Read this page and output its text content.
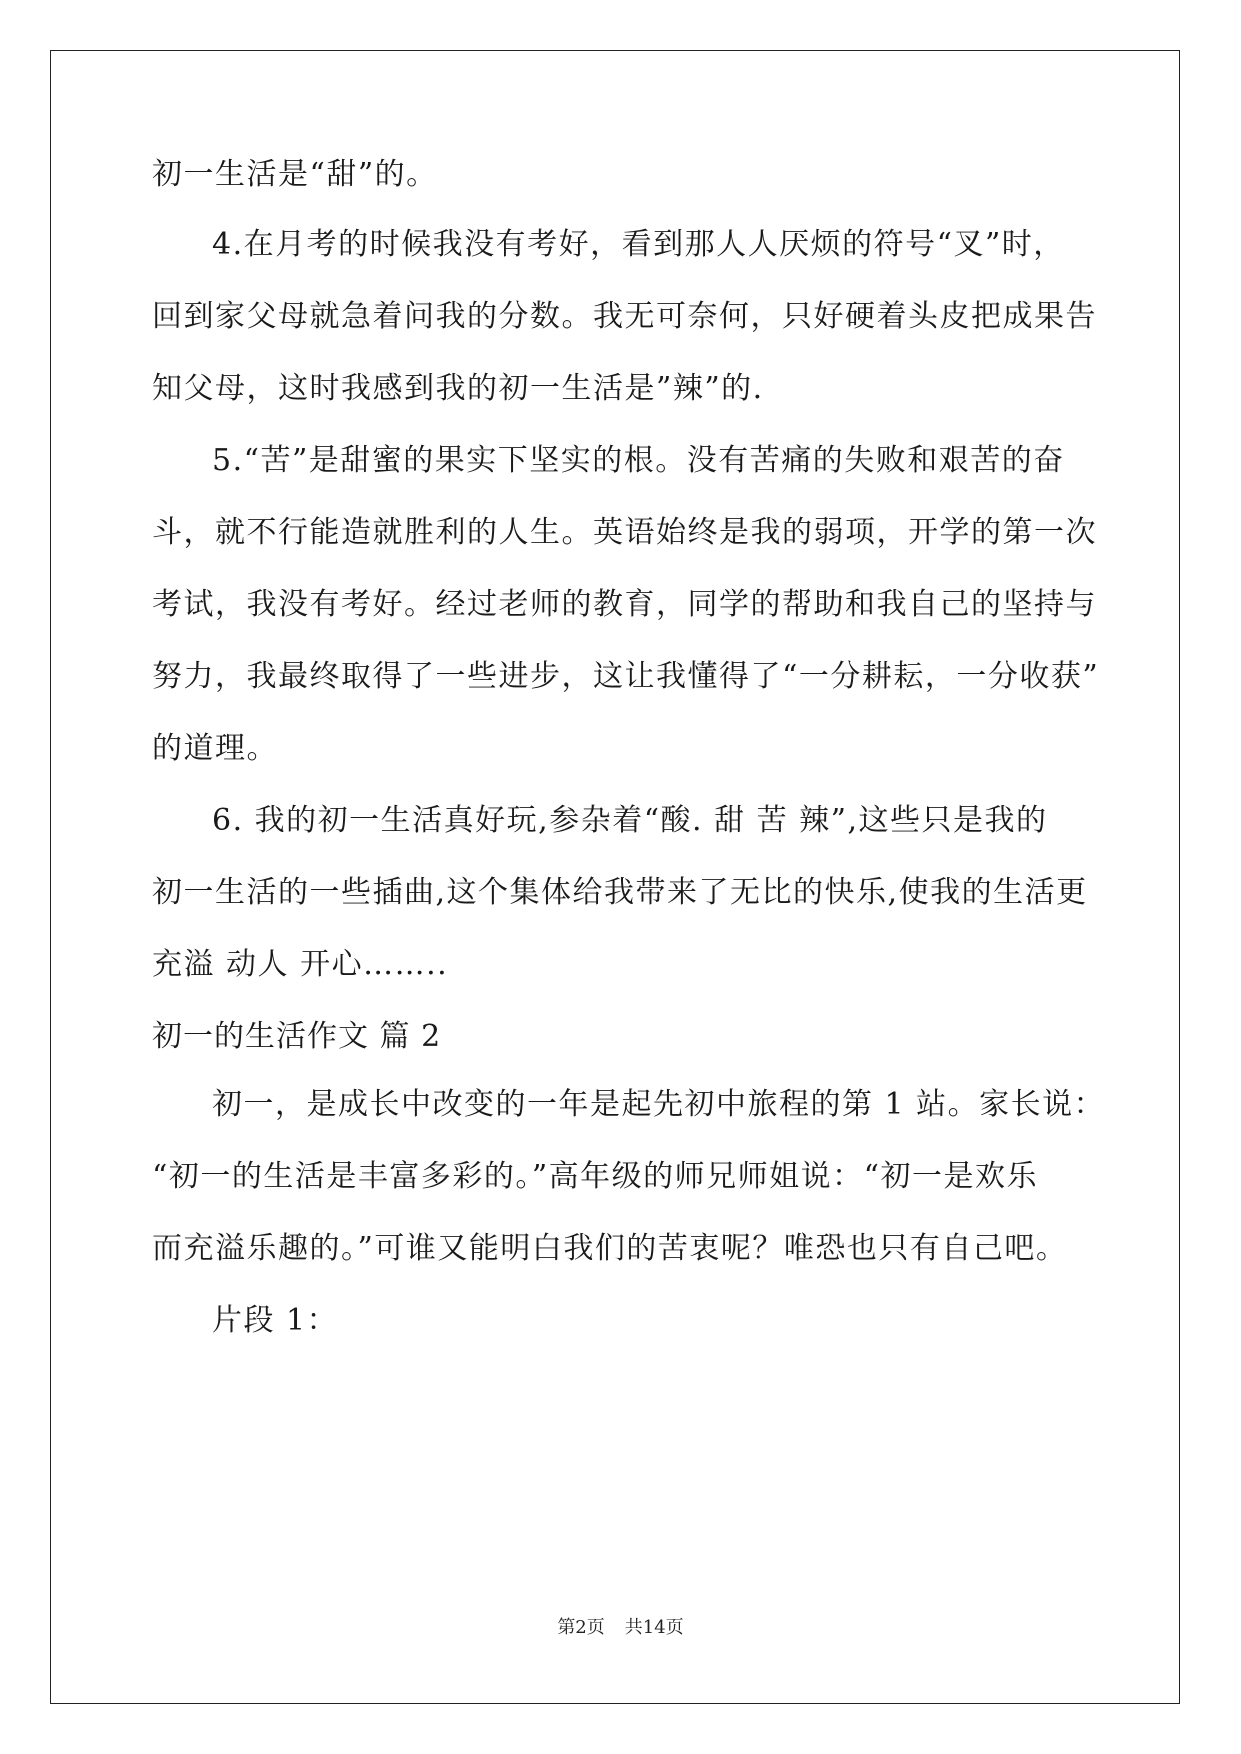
初一生活是“甜”的。
4.在月考的时候我没有考好，看到那人人厌烦的符号“叉”时，
回到家父母就急着问我的分数。我无可奈何，只好硬着头皮把成果告
知父母，这时我感到我的初一生活是”辣”的.
5.“苦”是甜蜜的果实下坚实的根。没有苦痛的失败和艰苦的奋
斗，就不行能造就胜利的人生。英语始终是我的弱项，开学的第一次
考试，我没有考好。经过老师的教育，同学的帮助和我自己的坚持与
努力，我最终取得了一些进步，这让我懂得了“一分耕耘，一分收获”
的道理。
6. 我的初一生活真好玩,参杂着“酸. 甜 苦 辣”,这些只是我的
初一生活的一些插曲,这个集体给我带来了无比的快乐,使我的生活更
充溢 动人 开心……..
初一的生活作文 篇 2
初一，是成长中改变的一年是起先初中旅程的第 1 站。家长说：
“初一的生活是丰富多彩的。”高年级的师兄师姐说：“初一是欢乐
而充溢乐趣的。”可谁又能明白我们的苦衷呢？唯恐也只有自己吧。
片段 1：
第2页 共14页
